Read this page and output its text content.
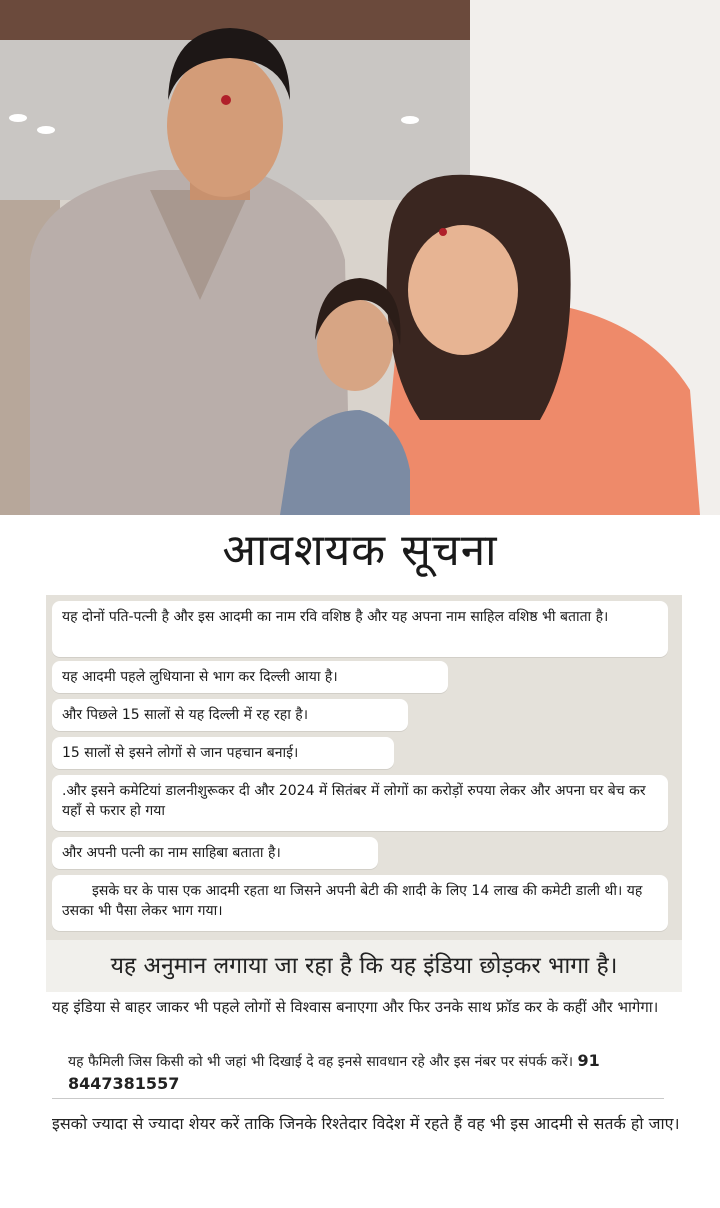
आवशयक सूचना
यह दोनों पति-पत्नी है और इस आदमी का नाम रवि वशिष्ठ है और यह अपना नाम साहिल वशिष्ठ भी बताता है।
यह आदमी पहले लुधियाना से भाग कर दिल्ली आया है।
और पिछले 15 सालों से यह दिल्ली में रह रहा है।
15 सालों से इसने लोगों से जान पहचान बनाई।
.और इसने कमेटियां डालनीशुरूकर दी और 2024 में सितंबर में लोगों का करोड़ों रुपया लेकर और अपना घर बेच कर यहाँ से फरार हो गया
और अपनी पत्नी का नाम साहिबा बताता है।
इसके घर के पास एक आदमी रहता था जिसने अपनी बेटी की शादी के लिए 14 लाख की कमेटी डाली थी। यह उसका भी पैसा लेकर भाग गया।
यह अनुमान लगाया जा रहा है कि यह इंडिया छोड़कर भागा है।
यह इंडिया से बाहर जाकर भी पहले लोगों से विश्वास बनाएगा और फिर उनके साथ फ्रॉड कर के कहीं और भागेगा।
यह फैमिली जिस किसी को भी जहां भी दिखाई दे वह इनसे सावधान रहे और इस नंबर पर संपर्क करें। 91 8447381557
इसको ज्यादा से ज्यादा शेयर करें ताकि जिनके रिश्तेदार विदेश में रहते हैं वह भी इस आदमी से सतर्क हो जाए।
